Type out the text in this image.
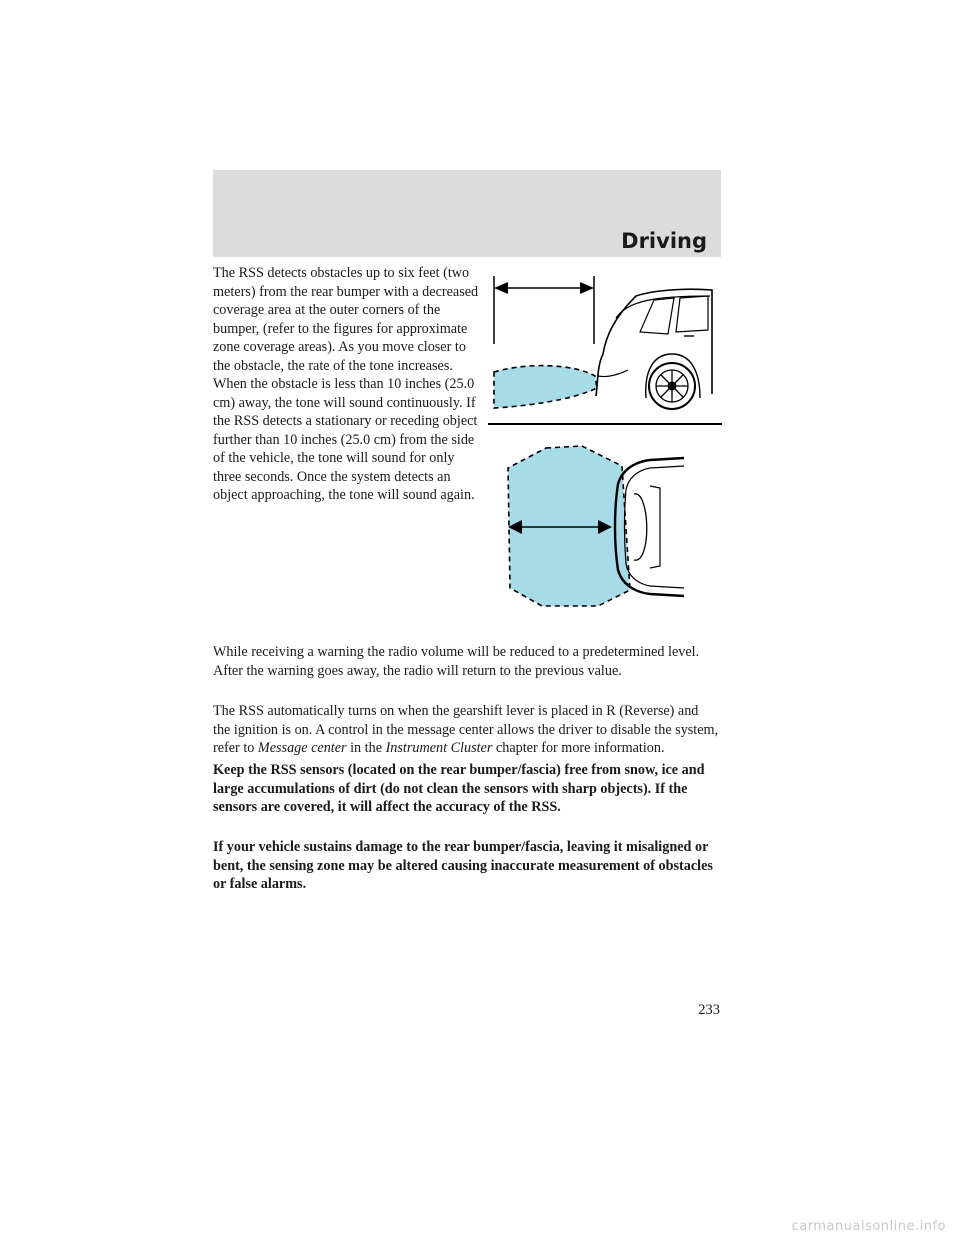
Driving

The RSS detects obstacles up to six feet (two meters) from the rear bumper with a decreased coverage area at the outer corners of the bumper, (refer to the figures for approximate zone coverage areas). As you move closer to the obstacle, the rate of the tone increases. When the obstacle is less than 10 inches (25.0 cm) away, the tone will sound continuously. If the RSS detects a stationary or receding object further than 10 inches (25.0 cm) from the side of the vehicle, the tone will sound for only three seconds. Once the system detects an object approaching, the tone will sound again.

While receiving a warning the radio volume will be reduced to a predetermined level. After the warning goes away, the radio will return to the previous value.

The RSS automatically turns on when the gearshift lever is placed in R (Reverse) and the ignition is on. A control in the message center allows the driver to disable the system, refer to Message center in the Instrument Cluster chapter for more information.

Keep the RSS sensors (located on the rear bumper/fascia) free from snow, ice and large accumulations of dirt (do not clean the sensors with sharp objects). If the sensors are covered, it will affect the accuracy of the RSS.

If your vehicle sustains damage to the rear bumper/fascia, leaving it misaligned or bent, the sensing zone may be altered causing inaccurate measurement of obstacles or false alarms.

233
carmanualsonline.info
